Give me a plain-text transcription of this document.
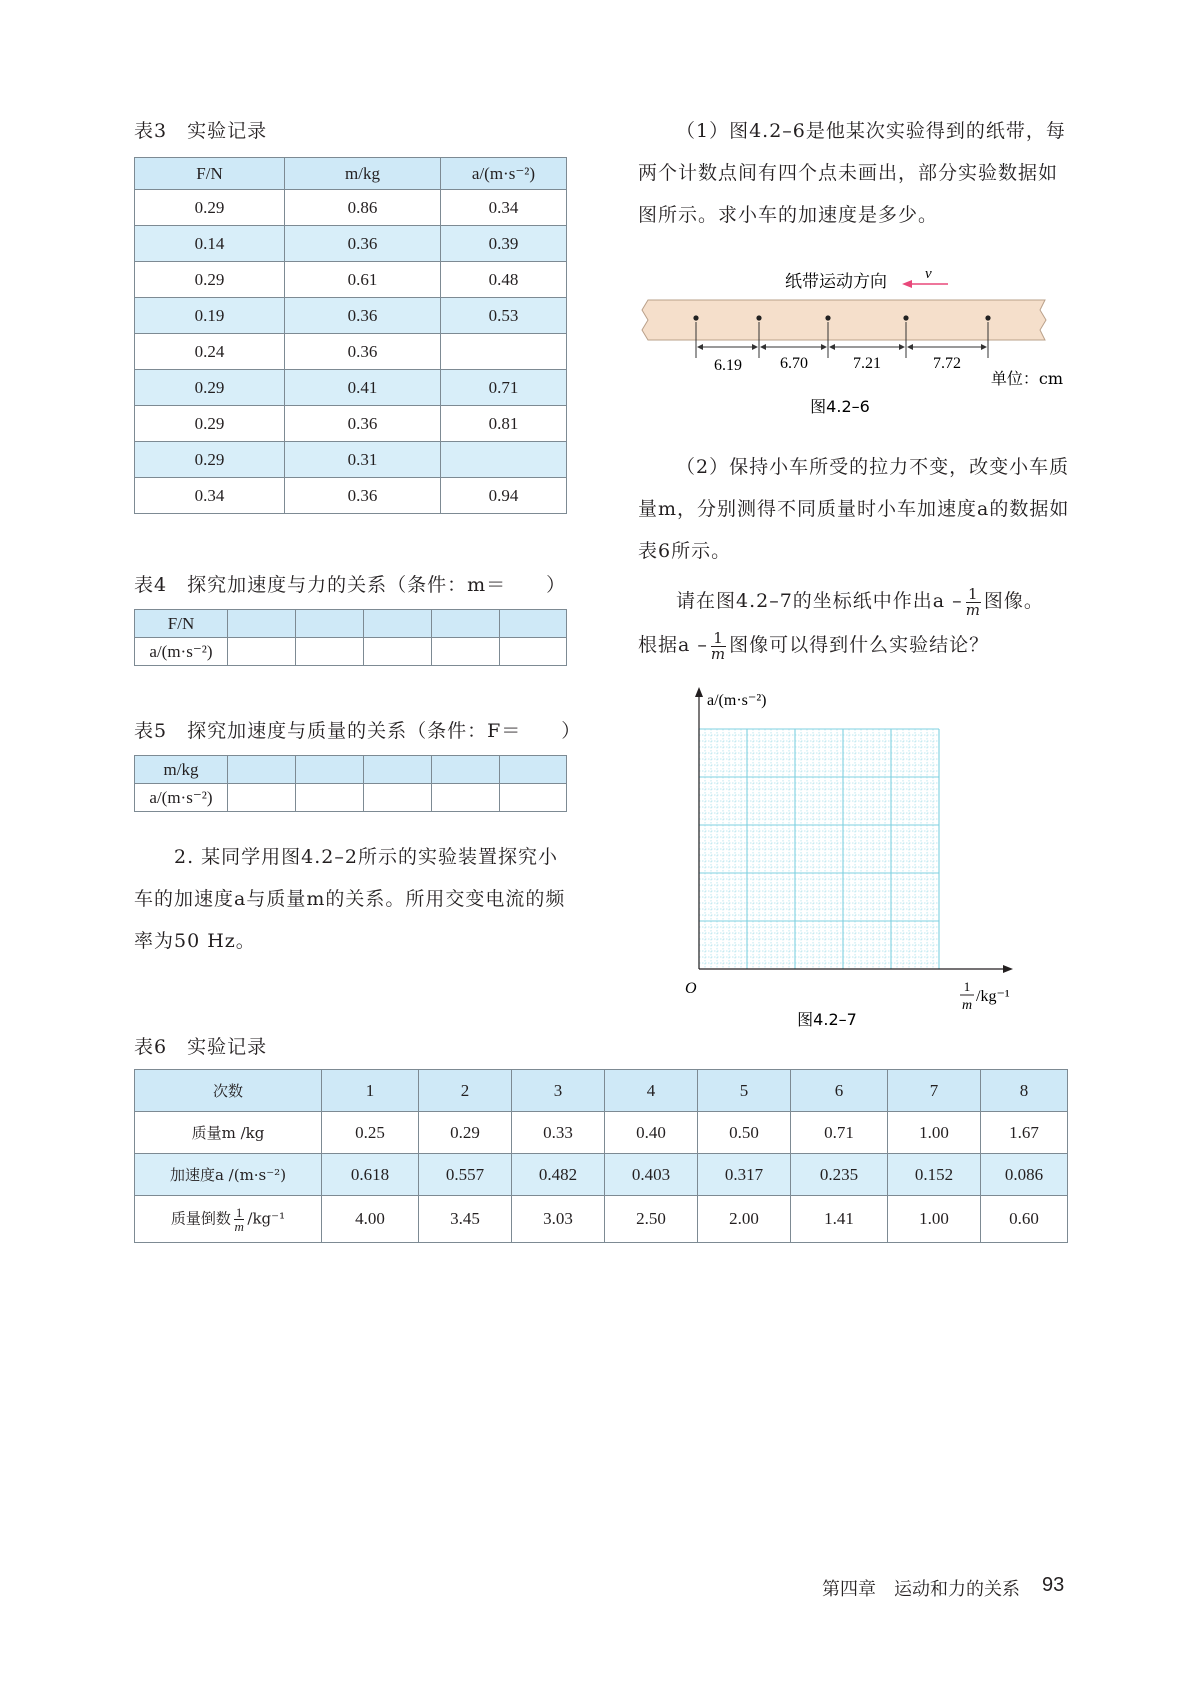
表3　实验记录
F/N	m/kg	a/(m·s⁻²)
0.29	0.86	0.34
0.14	0.36	0.39
0.29	0.61	0.48
0.19	0.36	0.53
0.24	0.36	
0.29	0.41	0.71
0.29	0.36	0.81
0.29	0.31	
0.34	0.36	0.94
表4　探究加速度与力的关系（条件：m＝　　）
F/N					
a/(m·s⁻²)					
表5　探究加速度与质量的关系（条件：F＝　　）
m/kg					
a/(m·s⁻²)					
2. 某同学用图4.2–2所示的实验装置探究小车的加速度a与质量m的关系。所用交变电流的频率为50 Hz。
（1）图4.2–6是他某次实验得到的纸带，每两个计数点间有四个点未画出，部分实验数据如图所示。求小车的加速度是多少。
纸带运动方向	v
6.19 6.70	7.21	7.72
单位：cm
图4.2–6
（2）保持小车所受的拉力不变，改变小车质量m，分别测得不同质量时小车加速度a的数据如表6所示。
请在图4.2–7的坐标纸中作出a – $\frac{1}{m}$ 图像。
根据a – $\frac{1}{m}$ 图像可以得到什么实验结论？
a/(m·s⁻²)
O	1
m
/kg⁻¹
图4.2–7
表6　实验记录
次数	1	2	3	4	5	6	7	8
质量m /kg	0.25	0.29	0.33	0.40	0.50	0.71	1.00	1.67
加速度a /(m·s⁻²)	0.618	0.557	0.482	0.403	0.317	0.235	0.152	0.086
质量倒数 $\frac{1}{m} /kg^{-1}$	4.00	3.45	3.03	2.50	2.00	1.41	1.00	0.60
第四章　运动和力的关系 93
